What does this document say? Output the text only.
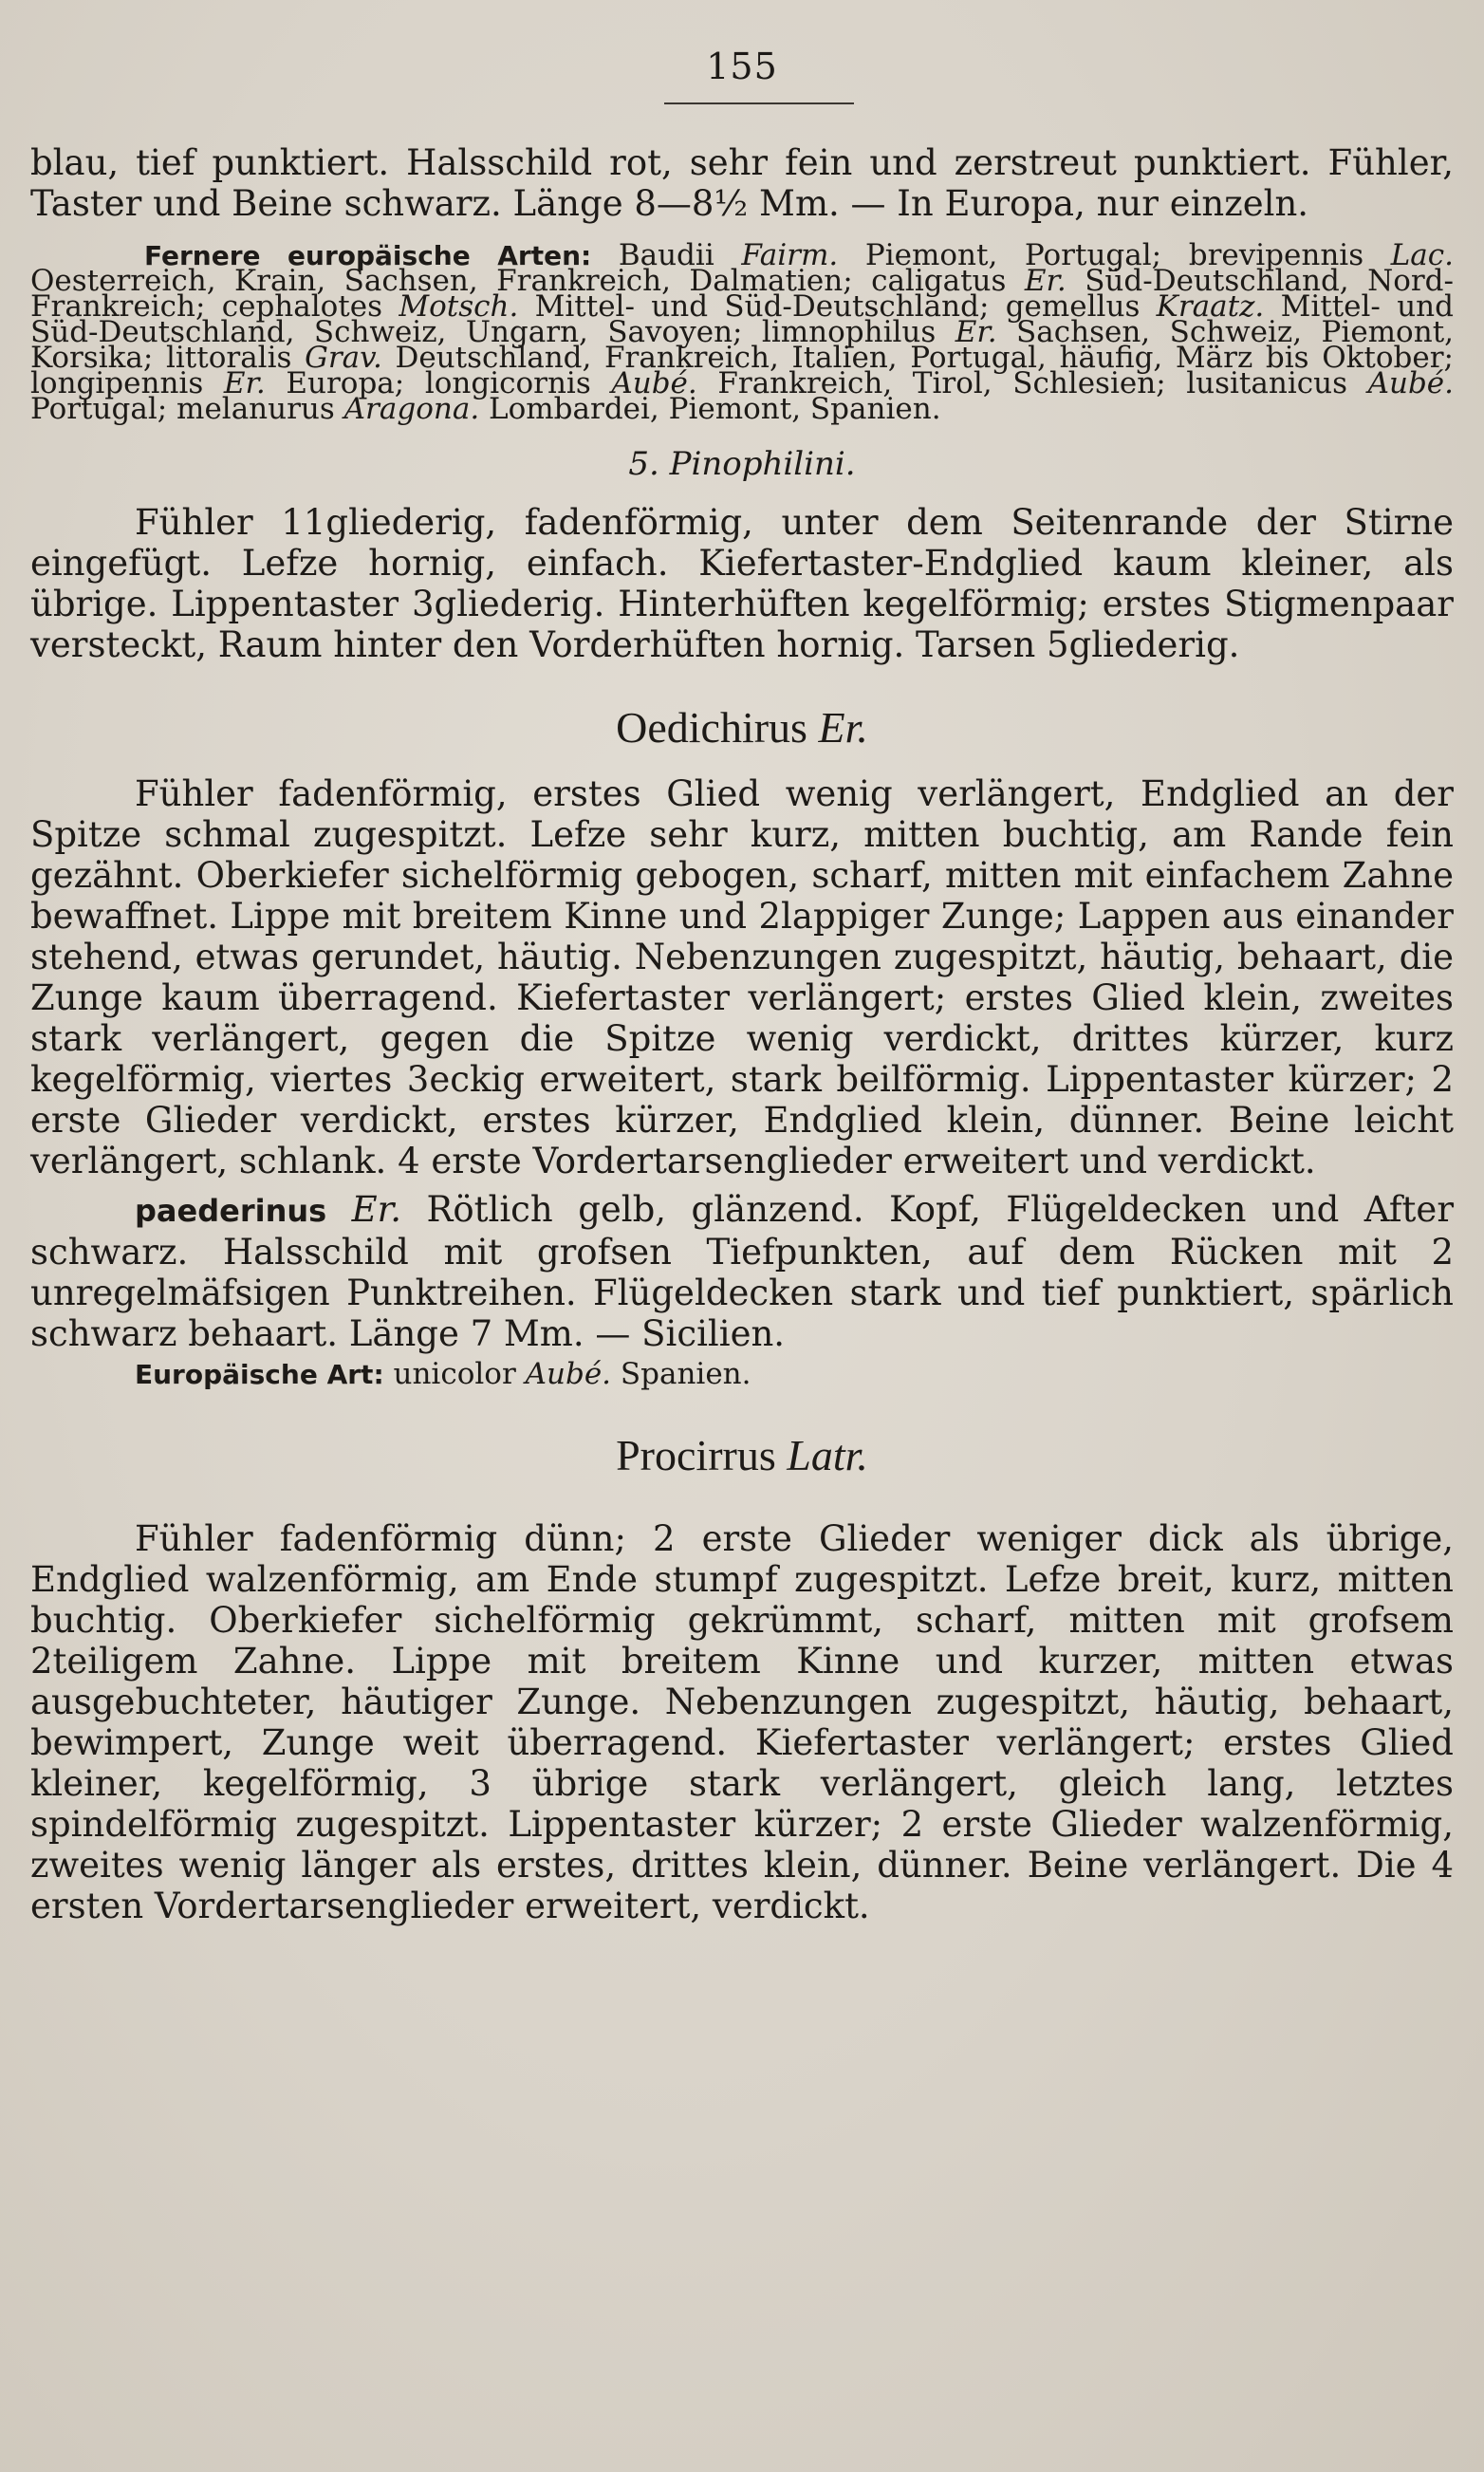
155

blau, tief punktiert. Halsschild rot, sehr fein und zerstreut punktiert. Fühler, Taster und Beine schwarz. Länge 8—8½ Mm. — In Europa, nur einzeln.

Fernere europäische Arten: Baudii Fairm. Piemont, Portugal; brevipennis Lac. Oesterreich, Krain, Sachsen, Frankreich, Dalmatien; caligatus Er. Süd-Deutschland, Nord-Frankreich; cephalotes Motsch. Mittel- und Süd-Deutschland; gemellus Kraatz. Mittel- und Süd-Deutschland, Schweiz, Ungarn, Savoyen; limnophilus Er. Sachsen, Schweiz, Piemont, Korsika; littoralis Grav. Deutschland, Frankreich, Italien, Portugal, häufig, März bis Oktober; longipennis Er. Europa; longicornis Aubé. Frankreich, Tirol, Schlesien; lusitanicus Aubé. Portugal; melanurus Aragona. Lombardei, Piemont, Spanien.

5. Pinophilini.

Fühler 11gliederig, fadenförmig, unter dem Seitenrande der Stirne eingefügt. Lefze hornig, einfach. Kiefertaster-Endglied kaum kleiner, als übrige. Lippentaster 3gliederig. Hinterhüften kegelförmig; erstes Stigmenpaar versteckt, Raum hinter den Vorderhüften hornig. Tarsen 5gliederig.

Oedichirus Er.

Fühler fadenförmig, erstes Glied wenig verlängert, Endglied an der Spitze schmal zugespitzt. Lefze sehr kurz, mitten buchtig, am Rande fein gezähnt. Oberkiefer sichelförmig gebogen, scharf, mitten mit einfachem Zahne bewaffnet. Lippe mit breitem Kinne und 2lappiger Zunge; Lappen aus einander stehend, etwas gerundet, häutig. Nebenzungen zugespitzt, häutig, behaart, die Zunge kaum überragend. Kiefertaster verlängert; erstes Glied klein, zweites stark verlängert, gegen die Spitze wenig verdickt, drittes kürzer, kurz kegelförmig, viertes 3eckig erweitert, stark beilförmig. Lippentaster kürzer; 2 erste Glieder verdickt, erstes kürzer, Endglied klein, dünner. Beine leicht verlängert, schlank. 4 erste Vordertarsenglieder erweitert und verdickt.

paederinus Er. Rötlich gelb, glänzend. Kopf, Flügeldecken und After schwarz. Halsschild mit grofsen Tiefpunkten, auf dem Rücken mit 2 unregelmäfsigen Punktreihen. Flügeldecken stark und tief punktiert, spärlich schwarz behaart. Länge 7 Mm. — Sicilien.

Europäische Art: unicolor Aubé. Spanien.

Procirrus Latr.

Fühler fadenförmig dünn; 2 erste Glieder weniger dick als übrige, Endglied walzenförmig, am Ende stumpf zugespitzt. Lefze breit, kurz, mitten buchtig. Oberkiefer sichelförmig gekrümmt, scharf, mitten mit grofsem 2teiligem Zahne. Lippe mit breitem Kinne und kurzer, mitten etwas ausgebuchteter, häutiger Zunge. Nebenzungen zugespitzt, häutig, behaart, bewimpert, Zunge weit überragend. Kiefertaster verlängert; erstes Glied kleiner, kegelförmig, 3 übrige stark verlängert, gleich lang, letztes spindelförmig zugespitzt. Lippentaster kürzer; 2 erste Glieder walzenförmig, zweites wenig länger als erstes, drittes klein, dünner. Beine verlängert. Die 4 ersten Vordertarsenglieder erweitert, verdickt.
